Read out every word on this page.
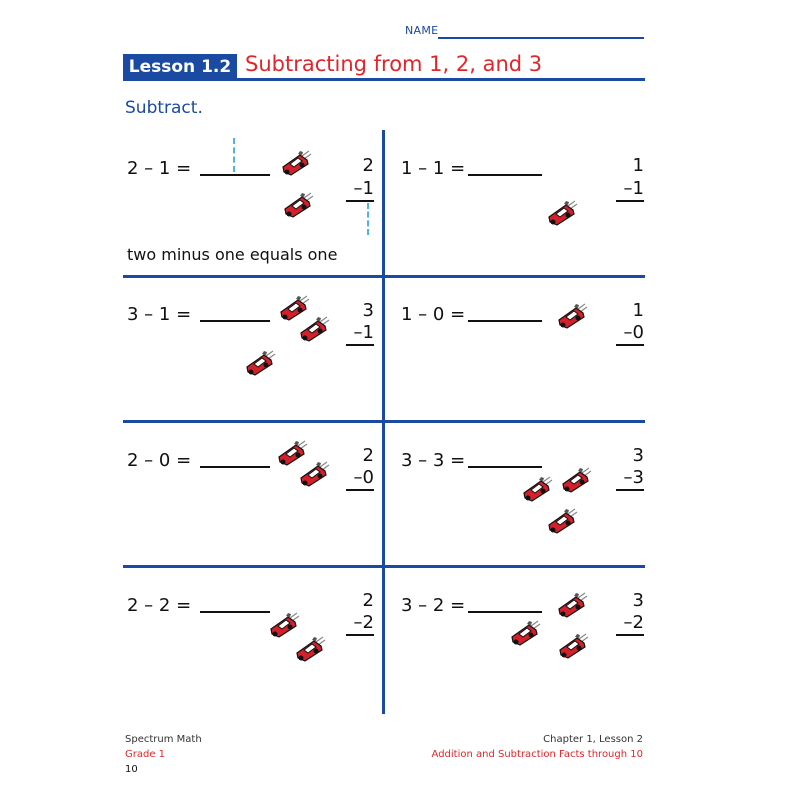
NAME
Lesson 1.2 Subtracting from 1, 2, and 3
Subtract.
2 – 1 =	2
–1
two minus one equals one
1 – 1 =	1
–1
3 – 1 =	3
–1
1 – 0 =	1
–0
2 – 0 =	2
–0
3 – 3 =	3
–3
2 – 2 =	2
–2
3 – 2 =	3
–2
Spectrum Math
Grade 1
10
Chapter 1, Lesson 2
Addition and Subtraction Facts through 10
